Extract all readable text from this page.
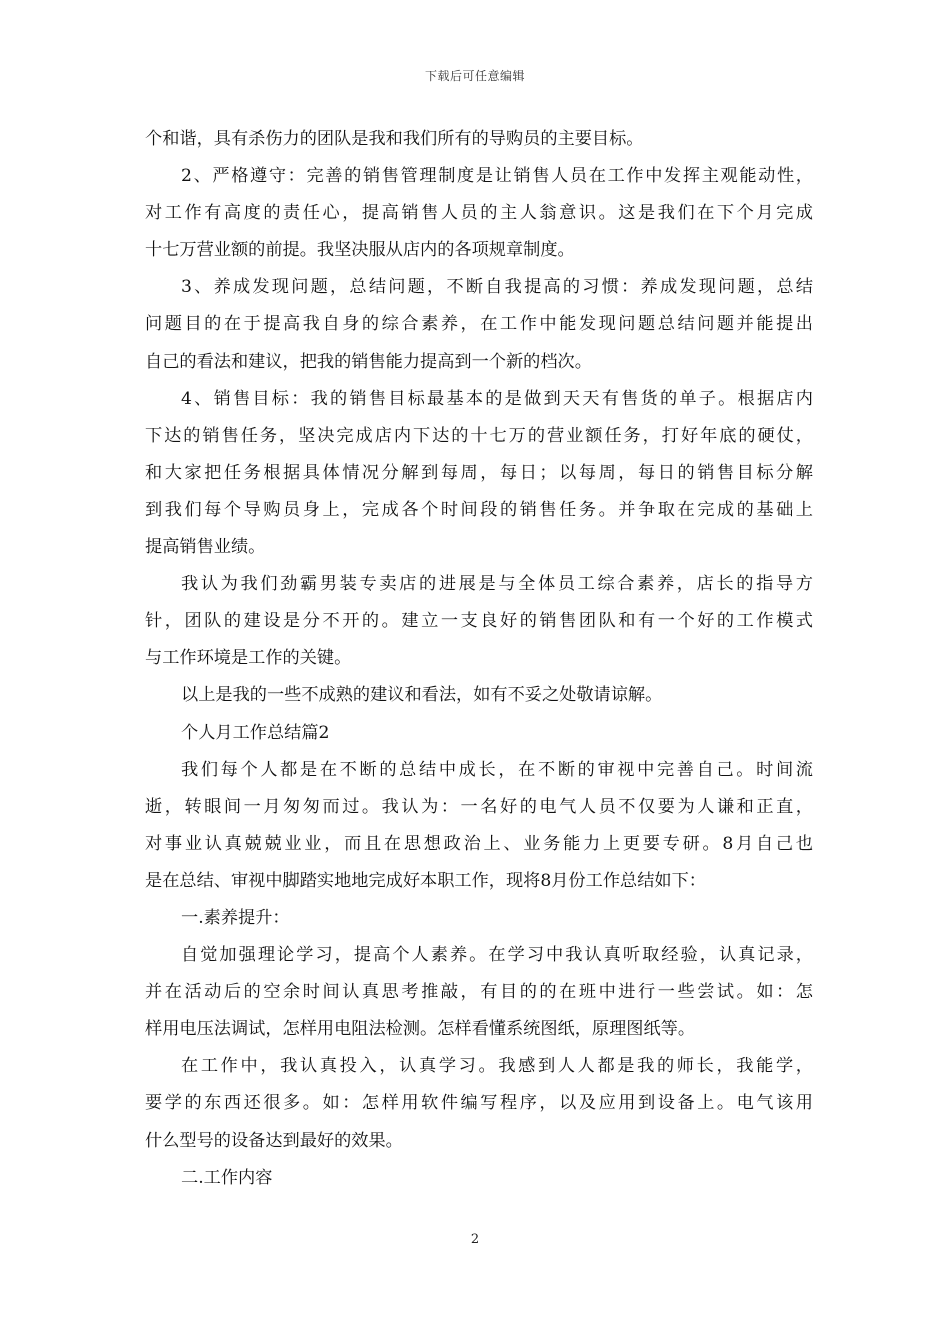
下载后可任意编辑
个和谐，具有杀伤力的团队是我和我们所有的导购员的主要目标。
2、严格遵守：完善的销售管理制度是让销售人员在工作中发挥主观能动性，
对工作有高度的责任心，提高销售人员的主人翁意识。这是我们在下个月完成
十七万营业额的前提。我坚决服从店内的各项规章制度。
3、养成发现问题，总结问题，不断自我提高的习惯：养成发现问题，总结
问题目的在于提高我自身的综合素养，在工作中能发现问题总结问题并能提出
自己的看法和建议，把我的销售能力提高到一个新的档次。
4、销售目标：我的销售目标最基本的是做到天天有售货的单子。根据店内
下达的销售任务，坚决完成店内下达的十七万的营业额任务，打好年底的硬仗，
和大家把任务根据具体情况分解到每周，每日；以每周，每日的销售目标分解
到我们每个导购员身上，完成各个时间段的销售任务。并争取在完成的基础上
提高销售业绩。
我认为我们劲霸男装专卖店的进展是与全体员工综合素养，店长的指导方
针，团队的建设是分不开的。建立一支良好的销售团队和有一个好的工作模式
与工作环境是工作的关键。
以上是我的一些不成熟的建议和看法，如有不妥之处敬请谅解。
个人月工作总结篇2
我们每个人都是在不断的总结中成长，在不断的审视中完善自己。时间流
逝，转眼间一月匆匆而过。我认为：一名好的电气人员不仅要为人谦和正直，
对事业认真兢兢业业，而且在思想政治上、业务能力上更要专研。8月自己也
是在总结、审视中脚踏实地地完成好本职工作，现将8月份工作总结如下：
一.素养提升：
自觉加强理论学习，提高个人素养。在学习中我认真听取经验，认真记录，
并在活动后的空余时间认真思考推敲，有目的的在班中进行一些尝试。如：怎
样用电压法调试，怎样用电阻法检测。怎样看懂系统图纸，原理图纸等。
在工作中，我认真投入，认真学习。我感到人人都是我的师长，我能学，
要学的东西还很多。如：怎样用软件编写程序，以及应用到设备上。电气该用
什么型号的设备达到最好的效果。
二.工作内容
2
